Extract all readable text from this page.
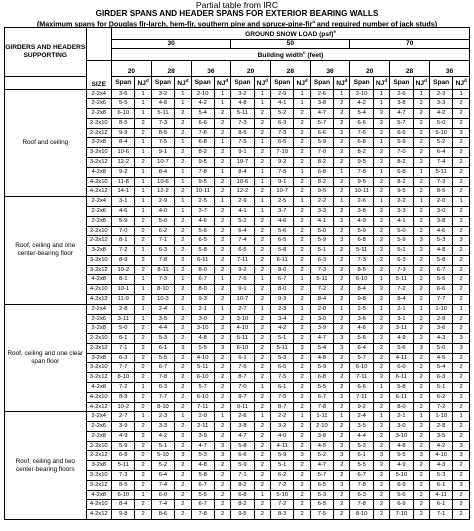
Partial table from IRC
GIRDER SPANS AND HEADER SPANS FOR EXTERIOR BEARING WALLS
(Maximum spans for Douglas fir-larch, hem-fir, southern pine and spruce-pine-fir$^a$ and required number of jack studs)
GIRDERS AND HEADERS SUPPORTING		GROUND SNOW LOAD (psf)$^e$
		30						50						70					
		Building width$^c$ (feet)																	
	SIZE	20		28		36		20		28		36		20		28		36	
		Span	$NJ^d$	Span	$NJ^d$	Span	$NJ^d$	Span	$NJ^d$	Span	$NJ^d$	Span	$NJ^d$	Span	$NJ^d$	Span	$NJ^d$	Span	$NJ^d$
Roof and ceiling	2-2x4	3-6	1	3-2	1	2-10	1	3-2	1	2-9	1	2-6	1	2-10	1	2-6	1	2-3	1
	2-2x6	5-5	1	4-8	1	4-2	1	4-8	1	4-1	1	3-8	2	4-2	1	3-8	2	3-3	2
	2-2x8	6-10	1	5-11	2	5-4	2	5-11	2	5-2	2	4-7	2	5-4	2	4-7	2	4-2	2
	2-2x10	8-5	2	7-3	2	6-6	2	7-3	2	6-3	2	5-7	2	6-6	2	5-7	2	5-0	2
	2-2x12	9-9	2	8-5	2	7-6	2	8-5	2	7-3	2	6-6	2	7-6	2	6-6	2	5-10	3
	3-2x8	8-4	1	7-5	1	6-8	1	7-5	1	6-5	2	5-9	2	6-8	1	5-9	2	5-2	2
	3-2x10	10-6	1	9-1	2	8-2	2	9-1	2	7-10	2	7-0	2	8-2	2	7-0	2	6-4	2
	3-2x12	12-2	2	10-7	2	9-5	2	10-7	2	9-2	2	8-2	2	9-5	2	8-2	2	7-4	2
	4-2x8	9-2	1	8-4	1	7-8	1	8-4	1	7-5	1	6-8	1	7-8	1	6-8	1	5-11	2
	4-2x10	11-8	1	10-6	1	9-5	2	10-6	1	9-1	2	8-2	2	9-5	2	8-2	2	7-3	2
	4-2x12	14-1	1	12-2	2	10-11	2	12-2	2	10-7	2	9-5	2	10-11	2	9-5	2	8-5	2
Roof, ceiling and one center-bearing floor	2-2x4	3-1	1	2-9	1	2-5	1	2-9	1	2-5	1	2-2	1	2-6	1	2-2	1	2-0	1
	2-2x6	4-6	1	4-0	1	3-7	2	4-1	1	3-7	2	3-3	2	3-8	2	3-3	2	3-0	2
	2-2x8	5-9	2	5-0	2	4-6	2	5-2	2	4-6	2	4-1	2	4-9	2	4-1	2	3-8	2
	2-2x10	7-0	2	6-2	2	5-6	2	6-4	2	5-6	2	5-0	2	5-9	2	5-0	2	4-6	2
	2-2x12	8-1	2	7-1	2	6-5	2	7-4	2	6-5	2	5-9	3	6-8	2	5-9	3	5-3	3
	3-2x8	7-2	1	6-3	2	5-8	2	6-5	2	5-8	2	5-1	2	5-11	2	5-1	2	4-8	2
	3-2x10	8-9	2	7-8	2	6-11	2	7-11	2	6-11	2	6-3	2	7-3	2	6-3	2	5-8	2
	3-2x12	10-2	2	8-11	2	8-0	2	9-2	2	8-0	2	7-3	2	8-5	2	7-3	2	6-7	2
	4-2x8	8-1	1	7-3	1	6-7	1	7-5	1	6-7	1	5-11	2	6-10	1	5-11	2	5-5	2
	4-2x10	10-1	1	8-10	2	8-0	2	9-1	2	8-0	2	7-2	2	8-4	2	7-2	2	6-6	2
	4-2x12	11-9	2	10-3	2	9-3	2	10-7	2	9-3	2	8-4	2	9-8	2	8-4	2	7-7	2
Roof, ceiling and one clear span floor	2-2x4	2-8	1	2-4	1	2-1	1	2-7	1	2-3	1	2-0	1	2-5	1	2-1	1	1-10	1
	2-2x6	3-11	1	3-5	2	3-0	2	3-10	2	3-4	2	3-0	2	3-6	2	3-1	2	2-9	2
	2-2x8	5-0	2	4-4	2	3-10	2	4-10	2	4-2	2	3-9	2	4-6	2	3-11	2	3-6	2
	2-2x10	6-1	2	5-3	2	4-8	2	5-11	2	5-1	2	4-7	3	5-6	2	4-9	2	4-3	3
	2-2x12	7-1	2	6-1	3	5-5	3	6-10	2	5-11	3	5-4	3	6-4	2	5-6	3	5-0	3
	3-2x8	6-3	2	5-5	2	4-10	2	6-1	2	5-3	2	4-8	2	5-7	2	4-11	2	4-5	2
	3-2x10	7-7	2	6-7	2	5-11	2	7-5	2	6-5	2	5-9	2	6-10	2	6-0	2	5-4	2
	3-2x12	8-10	2	7-8	2	6-10	2	8-7	2	7-5	2	6-8	2	7-11	2	6-11	2	6-3	2
	4-2x8	7-2	1	6-3	2	5-7	2	7-0	1	6-1	2	5-5	2	6-6	1	5-8	2	5-1	2
	4-2x10	8-9	2	7-7	2	6-10	2	8-7	2	7-5	2	6-7	2	7-11	2	6-11	2	6-2	2
	4-2x12	10-2	2	8-10	2	7-11	2	9-11	2	8-7	2	7-8	2	9-2	2	8-0	2	7-2	2
Roof, ceiling and two center-bearing floors	2-2x4	2-7	1	2-3	1	2-0	1	2-6	1	2-2	1	1-11	1	2-4	1	2-1	1	1-10	1
	2-2x6	3-9	2	3-3	2	2-11	2	3-8	2	3-2	2	2-10	2	3-5	2	3-0	2	2-8	2
	2-2x8	4-9	2	4-2	2	3-9	2	4-7	2	4-0	2	3-8	2	4-4	2	3-10	2	3-5	2
	2-2x10	5-9	2	5-1	2	4-7	3	5-8	2	4-11	2	4-5	3	5-3	2	4-8	2	4-2	3
	2-2x12	6-8	2	5-10	3	5-3	3	6-6	2	5-9	3	5-2	3	6-1	3	5-5	3	4-10	3
	3-2x8	5-11	2	5-2	2	4-8	2	5-9	2	5-1	2	4-7	2	5-5	2	4-9	2	4-3	2
	3-2x10	7-3	2	6-4	2	5-8	2	7-1	2	6-2	2	5-7	2	6-7	2	5-10	2	5-3	2
	3-2x12	8-5	2	7-4	2	6-7	2	8-2	2	7-2	2	6-5	3	7-8	2	6-9	2	6-1	3
	4-2x8	6-10	1	6-0	2	5-5	2	6-8	1	5-10	2	5-3	2	6-3	2	5-6	2	4-11	2
	4-2x10	8-4	2	7-4	2	6-7	2	8-2	2	7-2	2	6-5	2	7-8	2	6-9	2	6-1	2
	4-2x12	9-8	2	8-6	2	7-8	2	9-5	2	8-3	2	7-5	2	8-10	2	7-10	2	7-1	2
